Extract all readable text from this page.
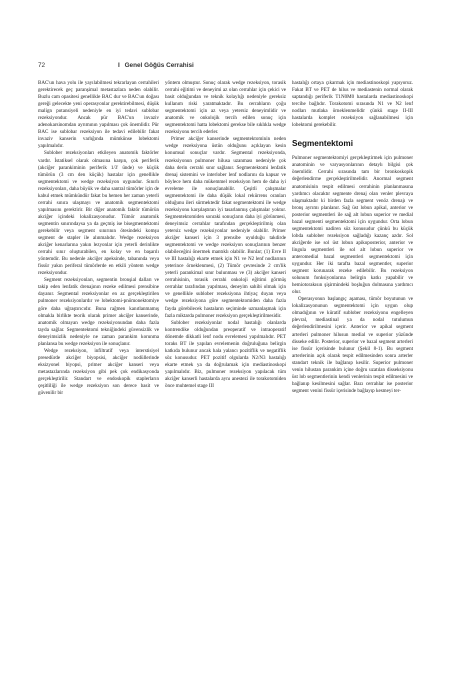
72	I Genel Göğüs Cerrahisi

BAC'un hava yolu ile yayılabilmesi tekrarlayan cerrahileri gerektirecek geç paranşimal metastazlara neden olabilir. Buzlu cam opasitesi genellikle BAC dur ve BAC'un doğası gereği gelecekte yeni operasyonlar gerektirebilmesi, düşük malign potansiyeli nedeniyle en iyi tedavi sublobar rezeksiyondur. Ancak pür BAC'un invaziv adenokarsinomdan ayrımının yapılması çok önemlidir. Pür BAC ise sublobar rezeksiyon ile tedavi edilebilir fakat invaziv kanserin varlığında mümkünse lobektomi yapılmalıdır.

Sublober rezeksiyonları etkileyen anatomik faktörler vardır. İstatiksel olarak olmasına karşın, çok periferik (akciğer parankiminin periferik 1/3' ünde) ve küçük tümörün (3 cm den küçük) hastalar için genellikle segmentektomi ve wedge rezeksiyon uygundur. Sınırlı rezeksiyonları, daha büyük ve daha santral tümörler için de kabul etmek mümkündür fakat bu hemen her zaman yeterli cerrahi sınıra ulaşmayı ve anatomik segmentektomi yapılmasını gerektirir. Bir diğer anatomik faktör tümörün akciğer içindeki lokalizasyonudur. Tümör anatomik segmentin sınırındaysa ya da geçmiş ise bisegmentektomi gerekebilir veya segment sınırının ötesindeki komşu segment de stapler ile alınmalıdır. Wedge rezeksiyon akciğer kenarlarına yakın lezyonlar için yeterli derinlikte cerrahi sınır oluşturabilen, en kolay ve en başarılı yöntemdir. Bu nedenle akciğer apeksinde, tabanında veya fissür yakın periferal tümörlerde en etkili yöntem wedge rezeksiyondur.

Segment rezeksiyonları, segmentin bronşial dalları ve takip eden lenfatik drenajının rezeke edilmesi prensibine dayanır. Segmental rezeksiyonlar en az gerçekleştirilen pulmoner rezeksiyonlardır ve lobektomi-pnömonektomiye göre daha uğraştırıcıdır. Buna rağmen kanıtlanmamış olmakla birlikte teorik olarak primer akciğer kanserinde, anatomik olmayan wedge rezeksiyonundan daha fazla tayda sağlar. Segmentektomi tekniğindeki güvensizlik ve deneyimsizlik nedeniyle ne zaman parankim korunma planlansa bu wedge rezeksiyon ile sonuçlanır.

Wedge rezeksiyon, infiltratif veya interstisiyel presedürde akciğer biyopsisi, akciğer nodüllerinde eksizyonel biyopsi, primer akciğer kanseri veya metastazlarında rezeksiyon gibi pek çok endikasyonda gerçekleştirilir. Standart ve endoskopik staplerların çeşitliliği ile wedge rezeksiyon son derece basit ve güvenilir bir

yöntem olmuştur. Sonuç olarak wedge rezeksiyon, torasik cerrahi eğitimi ve deneyimi az olan cerrahlar için çekici ve basit olduğundan ve teknik kolaylığı nedeniyle gereksiz kullanım riski yaratmaktadır. Bu cerrahların çoğu segmentektomi için az veya yetersiz deneyimlidir ve anatomik ve onkolojik tercih edilen sonuç için segmentektomi hatta lobektomi gerekse bile sıklıkla wedge rezeksiyonu tercih ederler.

Primer akciğer kanserinde segmentektominin neden wedge rezeksiyona üstün olduğunu açıklayan kesin konumsal sonuçlar vardır. Segmental rezeksiyonda, rezeksiyonun pulmoner hilusa uzanması nedeniyle çok daha derin cerrahi sınır sağlanır. Segmentektomi lenfatik drenaj sistemini ve interlober lenf nodlarını da kapsar ve böylece hem daha mükemmel rezeksiyon hem de daha iyi evreleme ile sonuçlanabilir. Çeşitli çalışmalar segmentektomi ile daha düşük lokal rekürrens oranları olduğunu ileri sürmektedir fakat segmentektomi ile wedge rezeksiyonu karşılaştıran iyi tasarlanmış çalışmalar yoktur. Segmentektomiden sonraki sonuçların daha iyi görünmesi, deneyimsiz cerrahlar tarafından gerçekleştirilmiş olan yetersiz wedge rezeksiyonlar nedeniyle olabilir. Primer akciğer kanseri için 3 prensibe uyulduğu takdirde segmentektomi ve wedge rezeksiyon sonuçlarının benzer olabileceğini önermek mantıklı olabilir. Bunlar; (1) Evre II ve III hastalığı ekarte etmek için N1 ve N2 lenf nodlarının yeterince örneklenmesi, (2) Tümör çevresinde 2 cm'lik yeterli parankimal sınır bulunması ve (3) akciğer kanseri cerrahisinin, torasik cerrahi onkoloji eğitimi görmüş cerrahlar tarafından yapılması, deneyim sahibi olmak için ve genellikle sublober rezeksiyona ihtiyaç duyan veya wedge rezeksiyona göre segmentektomiden daha fazla fayda görebilecek hastaların seçiminde uzmanlaşmak için fazla miktarda pulmoner rezeksiyon gerçekleştirilmesidir.

Sublober rezeksiyonlar nodal hastalığı olanlarda kontrendike olduğundan preoperatif ve intraoperatif dönemde dikkatli lenf nodu evrelemesi yapılmalıdır. PET toraks BT ile yapılan evrelemenin doğruluğuna belirgin katkıda bulunur ancak hala yalancı pozitiflik ve negatiflik söz konusudur. PET pozitif olgularda N2/N3 hastalığı ekarte etmek ya da doğrulamak için mediastinoskopi yapılmalıdır. Biz, pulmoner rezeksiyon yapılacak tüm akciğer kanserli hastalarda aynı anestezi ile torakotomiden önce muhtemel stage III

hastalığı ortaya çıkarmak için mediastinoskopi yapıyoruz. Fakat BT ve PET de hilus ve mediastenin normal olarak saptandığı periferik T1N0M0 hastalarda mediastinoskopi tercihe bağlıdır. Torakotomi sırasında N1 ve N2 lenf nodları mutlaka örneklenmelidir çünkü stage II-III hastalarda komplet rezeksiyon sağlanabilmesi için lobektomi gerekebilir.

Segmentektomi

Pulmoner segmentektomiyi gerçekleştirmek için pulmoner anatominin ve varyasyonlarının detaylı bilgisi çok önemlidir. Cerrahi sırasında tam bir bronkoskopik değerlendirme gerçekleştirilmelidir. Anormal segment anatomisinin tespit edilmesi cerrahinin planlanmasına yardımcı olacaktır segmente drenaj olan venler plevraya ulaşmaktadır ki birden fazla segment venöz drenajı ve bronş ayrımı planlanır. Sağ üst lobun apikal, anterior ve posterior segmentleri ile sağ alt lobun superior ve medial bazal segmenti segmentektomi için uygundur. Orta lobun segmentektomi nadiren söz konusudur çünkü bu küçük lobda sublober rezeksiyon sağladığı kazanç azdır. Sol akciğerde ise sol üst lobun apikoposterior, anterior ve lingula segmentleri ile sol alt lobun superior ve anteromedial bazal segmentleri segmentektomi için uygundur. Her iki tarafta bazal segmentler, superior segment korunarak rezeke edilebilir. Bu rezeksiyon solunum fonksiyonlarına belirgin katkı yapabilir ve hemiotorakısın şişirmindeki boşluğun dolmasına yardımcı olur.

Operasyonun başlangıç aşaması, tümör boyutunun ve lokalizasyonunun segmentektomi için uygun olup olmadığının ve küratif sublober rezeksiyonu engelleyen plevral, mediastinal ya da nodal tutulumun değerlendirilmesini içerir. Anterior ve apikal segment arterleri pulmoner hilusun medial ve superior yüzünde disseke edilir. Posterior, superior ve bazal segment arterleri ise fissür içerisinde bulunur (Şekil 8-1). Bu segment arterlerinin açık olarak tespit edilmesinden sonra arterler standart teknik ile bağlanıp kesilir. Superior pulmoner venin hilustan parankim içine doğru uzatılan disseksiyonu üst lob segmentlerinin kendi venlerinin tespit edilmesini ve bağlanıp kesilmesini sağlar. Bazı cerrahlar ise posterior segment venini fissür içerisinde bağlayıp kesmeyi ter-
